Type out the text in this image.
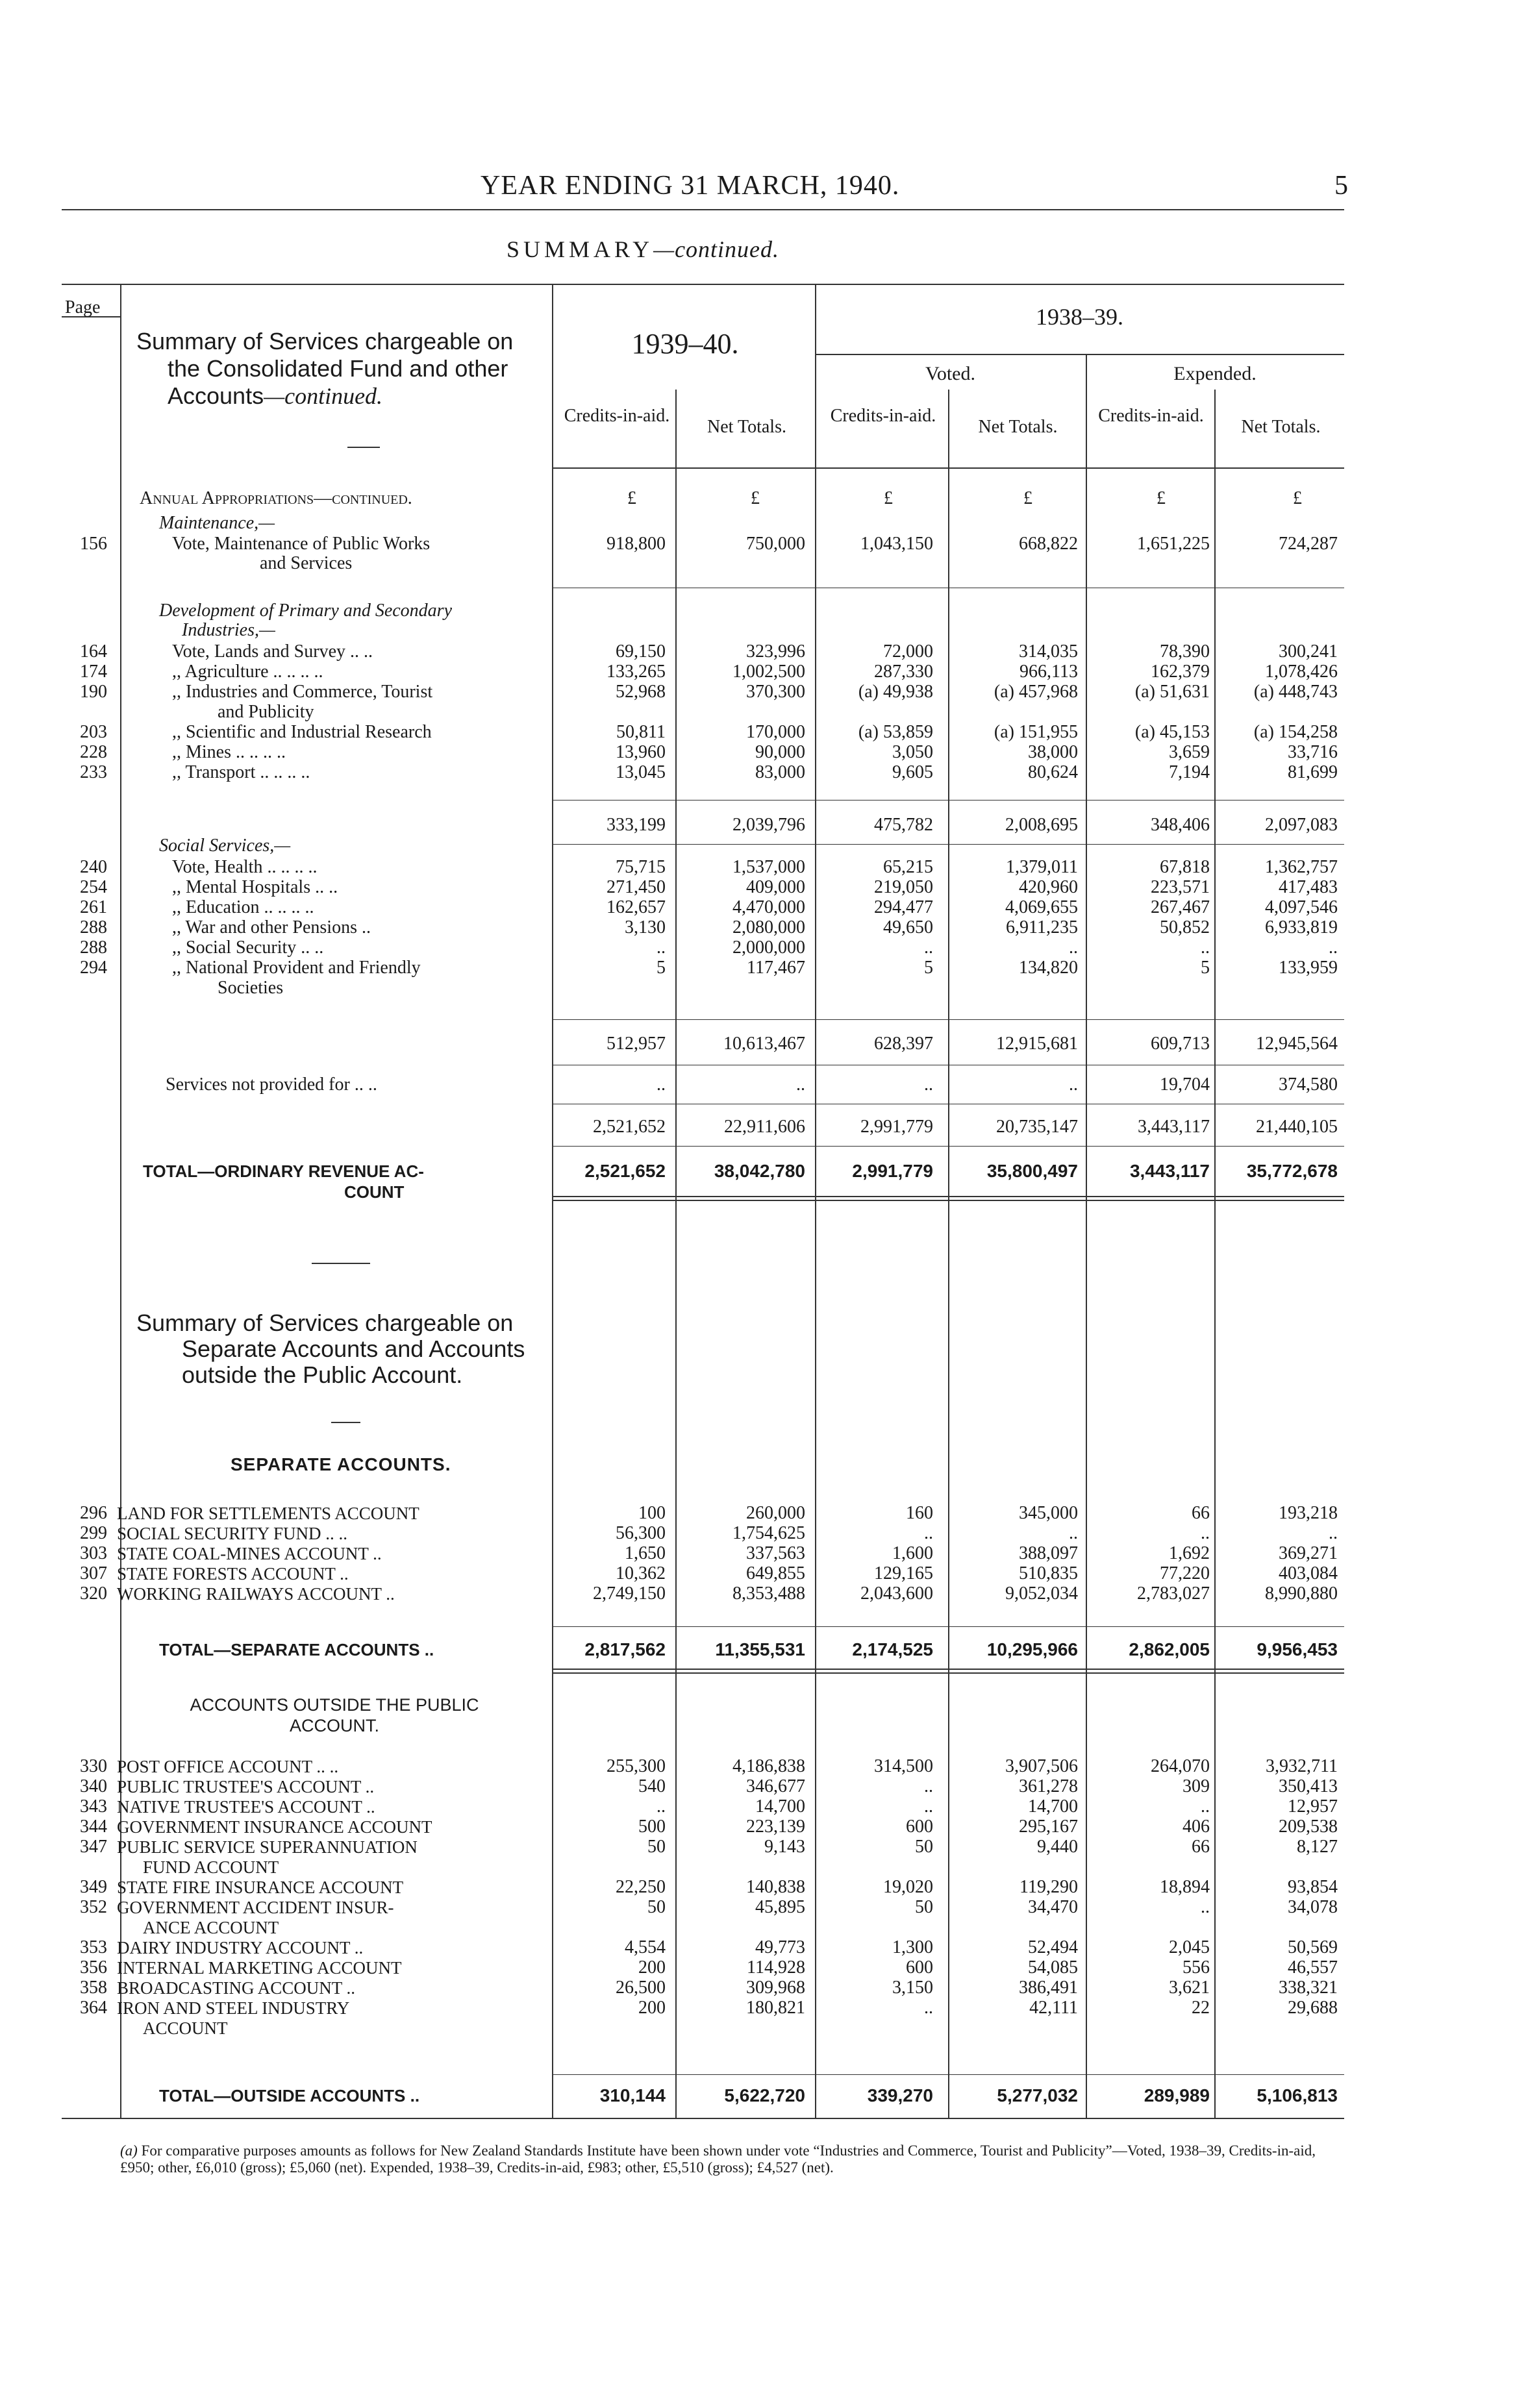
YEAR ENDING 31 MARCH, 1940.	5
SUMMARY—continued.
Page
Summary of Services chargeable on
the Consolidated Fund and other
Accounts—continued.
1939–40.
1938–39.
Voted.	Expended.
Credits-in-aid.
Net Totals.
Credits-in-aid.
Net Totals.
Credits-in-aid.
Net Totals.
Annual Appropriations—continued.	£	£	£	£	£	£
Maintenance,—
156	Vote, Maintenance of Public Works	918,800	750,000	1,043,150	668,822	1,651,225	724,287
and Services
Development of Primary and Secondary
Industries,—
164	Vote, Lands and Survey .. ..	69,150	323,996	72,000	314,035	78,390	300,241
174	,, Agriculture .. .. .. ..	133,265	1,002,500	287,330	966,113	162,379	1,078,426
190	,, Industries and Commerce, Tourist	52,968	370,300	(a) 49,938	(a) 457,968	(a) 51,631	(a) 448,743
and Publicity
203	,, Scientific and Industrial Research	50,811	170,000	(a) 53,859	(a) 151,955	(a) 45,153	(a) 154,258
228	,, Mines .. .. .. ..	13,960	90,000	3,050	38,000	3,659	33,716
233	,, Transport .. .. .. ..	13,045	83,000	9,605	80,624	7,194	81,699
333,199	2,039,796	475,782	2,008,695	348,406	2,097,083
Social Services,—
240	Vote, Health .. .. .. ..	75,715	1,537,000	65,215	1,379,011	67,818	1,362,757
254	,, Mental Hospitals .. ..	271,450	409,000	219,050	420,960	223,571	417,483
261	,, Education .. .. .. ..	162,657	4,470,000	294,477	4,069,655	267,467	4,097,546
288	,, War and other Pensions ..	3,130	2,080,000	49,650	6,911,235	50,852	6,933,819
288	,, Social Security .. ..	..	2,000,000	..	..	..	..
294	,, National Provident and Friendly	5	117,467	5	134,820	5	133,959
Societies
512,957	10,613,467	628,397	12,915,681	609,713	12,945,564
Services not provided for .. ..	..	..	..	..	19,704	374,580
2,521,652	22,911,606	2,991,779	20,735,147	3,443,117	21,440,105
TOTAL—ORDINARY REVENUE AC-	2,521,652	38,042,780	2,991,779	35,800,497	3,443,117	35,772,678
COUNT
Summary of Services chargeable on
Separate Accounts and Accounts
outside the Public Account.
SEPARATE ACCOUNTS.
296 LAND FOR SETTLEMENTS ACCOUNT	100	260,000	160	345,000	66	193,218
299 SOCIAL SECURITY FUND .. ..	56,300	1,754,625	..	..	..	..
303 STATE COAL-MINES ACCOUNT ..	1,650	337,563	1,600	388,097	1,692	369,271
307 STATE FORESTS ACCOUNT ..	10,362	649,855	129,165	510,835	77,220	403,084
320 WORKING RAILWAYS ACCOUNT ..	2,749,150	8,353,488	2,043,600	9,052,034	2,783,027	8,990,880
TOTAL—SEPARATE ACCOUNTS ..	2,817,562	11,355,531	2,174,525	10,295,966	2,862,005	9,956,453
ACCOUNTS OUTSIDE THE PUBLIC
ACCOUNT.
330 POST OFFICE ACCOUNT .. ..	255,300	4,186,838	314,500	3,907,506	264,070	3,932,711
340 PUBLIC TRUSTEE'S ACCOUNT ..	540	346,677	..	361,278	309	350,413
343 NATIVE TRUSTEE'S ACCOUNT ..	..	14,700	..	14,700	..	12,957
344 GOVERNMENT INSURANCE ACCOUNT	500	223,139	600	295,167	406	209,538
347 PUBLIC SERVICE SUPERANNUATION	50	9,143	50	9,440	66	8,127
FUND ACCOUNT
349 STATE FIRE INSURANCE ACCOUNT	22,250	140,838	19,020	119,290	18,894	93,854
352 GOVERNMENT ACCIDENT INSUR-	50	45,895	50	34,470	..	34,078
ANCE ACCOUNT
353 DAIRY INDUSTRY ACCOUNT ..	4,554	49,773	1,300	52,494	2,045	50,569
356 INTERNAL MARKETING ACCOUNT	200	114,928	600	54,085	556	46,557
358 BROADCASTING ACCOUNT ..	26,500	309,968	3,150	386,491	3,621	338,321
364 IRON AND STEEL INDUSTRY	200	180,821	..	42,111	22	29,688
ACCOUNT
TOTAL—OUTSIDE ACCOUNTS ..	310,144	5,622,720	339,270	5,277,032	289,989	5,106,813
(a) For comparative purposes amounts as follows for New Zealand Standards Institute have been shown under vote “Industries and Commerce, Tourist and Publicity”—Voted, 1938–39, Credits-in-aid, £950; other, £6,010 (gross); £5,060 (net). Expended, 1938–39, Credits-in-aid, £983; other, £5,510 (gross); £4,527 (net).
